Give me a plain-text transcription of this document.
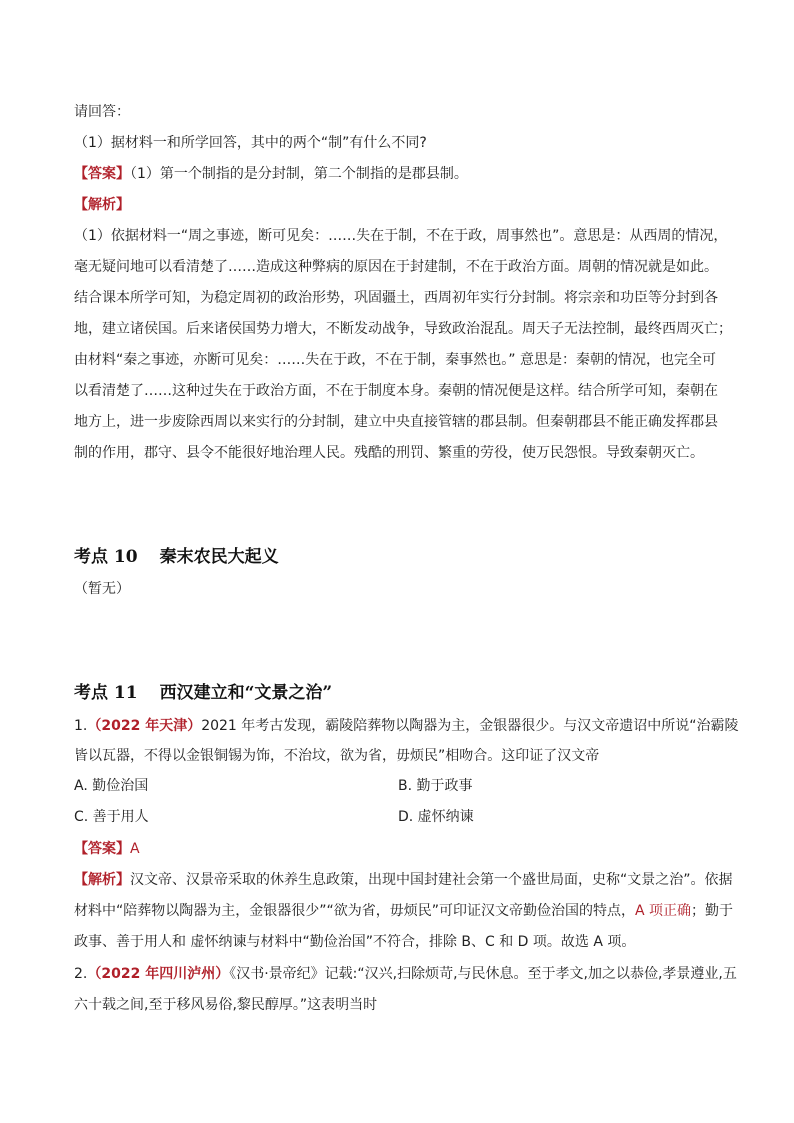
请回答：
（1）据材料一和所学回答，其中的两个“制”有什么不同?
【答案】（1）第一个制指的是分封制，第二个制指的是郡县制。
【解析】
（1）依据材料一“周之事迹，断可见矣：……失在于制，不在于政，周事然也”。意思是：从西周的情况，
毫无疑问地可以看清楚了……造成这种弊病的原因在于封建制，不在于政治方面。周朝的情况就是如此。
结合课本所学可知，为稳定周初的政治形势，巩固疆土，西周初年实行分封制。将宗亲和功臣等分封到各
地，建立诸侯国。后来诸侯国势力增大，不断发动战争，导致政治混乱。周天子无法控制，最终西周灭亡；
由材料“秦之事迹，亦断可见矣：……失在于政，不在于制，秦事然也。” 意思是：秦朝的情况，也完全可
以看清楚了……这种过失在于政治方面，不在于制度本身。秦朝的情况便是这样。结合所学可知，秦朝在
地方上，进一步废除西周以来实行的分封制，建立中央直接管辖的郡县制。但秦朝郡县不能正确发挥郡县
制的作用，郡守、县令不能很好地治理人民。残酷的刑罚、繁重的劳役，使万民怨恨。导致秦朝灭亡。
考点 10 秦末农民大起义
（暂无）
考点 11 西汉建立和“文景之治”
1.（2022 年天津）2021 年考古发现，霸陵陪葬物以陶器为主，金银器很少。与汉文帝遗诏中所说“治霸陵
皆以瓦器，不得以金银铜锡为饰，不治坟，欲为省，毋烦民”相吻合。这印证了汉文帝
A. 勤俭治国	B. 勤于政事
C. 善于用人	D. 虚怀纳谏
【答案】A
【解析】汉文帝、汉景帝采取的休养生息政策，出现中国封建社会第一个盛世局面，史称“文景之治”。依据
材料中“陪葬物以陶器为主，金银器很少”“欲为省，毋烦民”可印证汉文帝勤俭治国的特点，A 项正确；勤于
政事、善于用人和 虚怀纳谏与材料中“勤俭治国”不符合，排除 B、C 和 D 项。故选 A 项。
2.（2022 年四川泸州）《汉书·景帝纪》记载:“汉兴,扫除烦苛,与民休息。至于孝文,加之以恭俭,孝景遵业,五
六十载之间,至于移风易俗,黎民醇厚。”这表明当时
